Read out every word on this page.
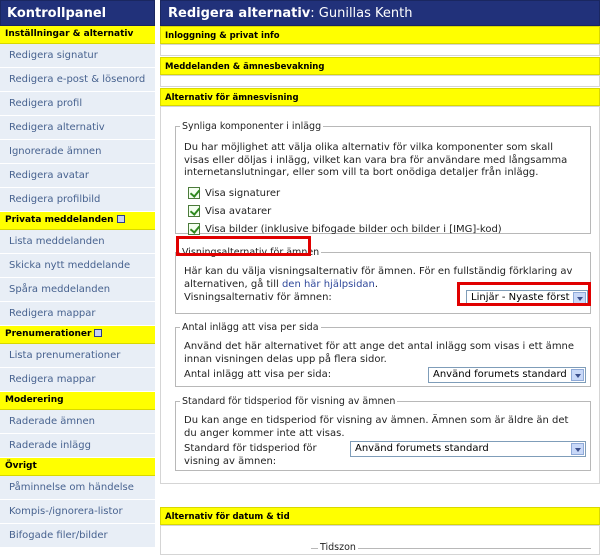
Kontrollpanel
Inställningar & alternativ
Redigera signatur
Redigera e-post & lösenord
Redigera profil
Redigera alternativ
Ignorerade ämnen
Redigera avatar
Redigera profilbild
Privata meddelanden
Lista meddelanden
Skicka nytt meddelande
Spåra meddelanden
Redigera mappar
Prenumerationer
Lista prenumerationer
Redigera mappar
Moderering
Raderade ämnen
Raderade inlägg
Övrigt
Påminnelse om händelse
Kompis-/ignorera-listor
Bifogade filer/bilder
Redigera alternativ: Gunillas Kenth
Inloggning & privat info
Meddelanden & ämnesbevakning
Alternativ för ämnesvisning
Synliga komponenter i inlägg
Du har möjlighet att välja olika alternativ för vilka komponenter som skall
visas eller döljas i inlägg, vilket kan vara bra för användare med långsamma
internetanslutningar, eller som vill ta bort onödiga detaljer från inlägg.
Visa signaturer
Visa avatarer
Visa bilder (inklusive bifogade bilder och bilder i [IMG]-kod)
Visningsalternativ för ämnen
Här kan du välja visningsalternativ för ämnen. För en fullständig förklaring av
alternativen, gå till den här hjälpsidan.
Visningsalternativ för ämnen:	Linjär - Nyaste först
Antal inlägg att visa per sida
Använd det här alternativet för att ange det antal inlägg som visas i ett ämne
innan visningen delas upp på flera sidor.
Antal inlägg att visa per sida:	Använd forumets standard
Standard för tidsperiod för visning av ämnen
Du kan ange en tidsperiod för visning av ämnen. Ämnen som är äldre än det
du anger kommer inte att visas.
Standard för tidsperiod för
visning av ämnen:
Använd forumets standard
Alternativ för datum & tid
Tidszon
